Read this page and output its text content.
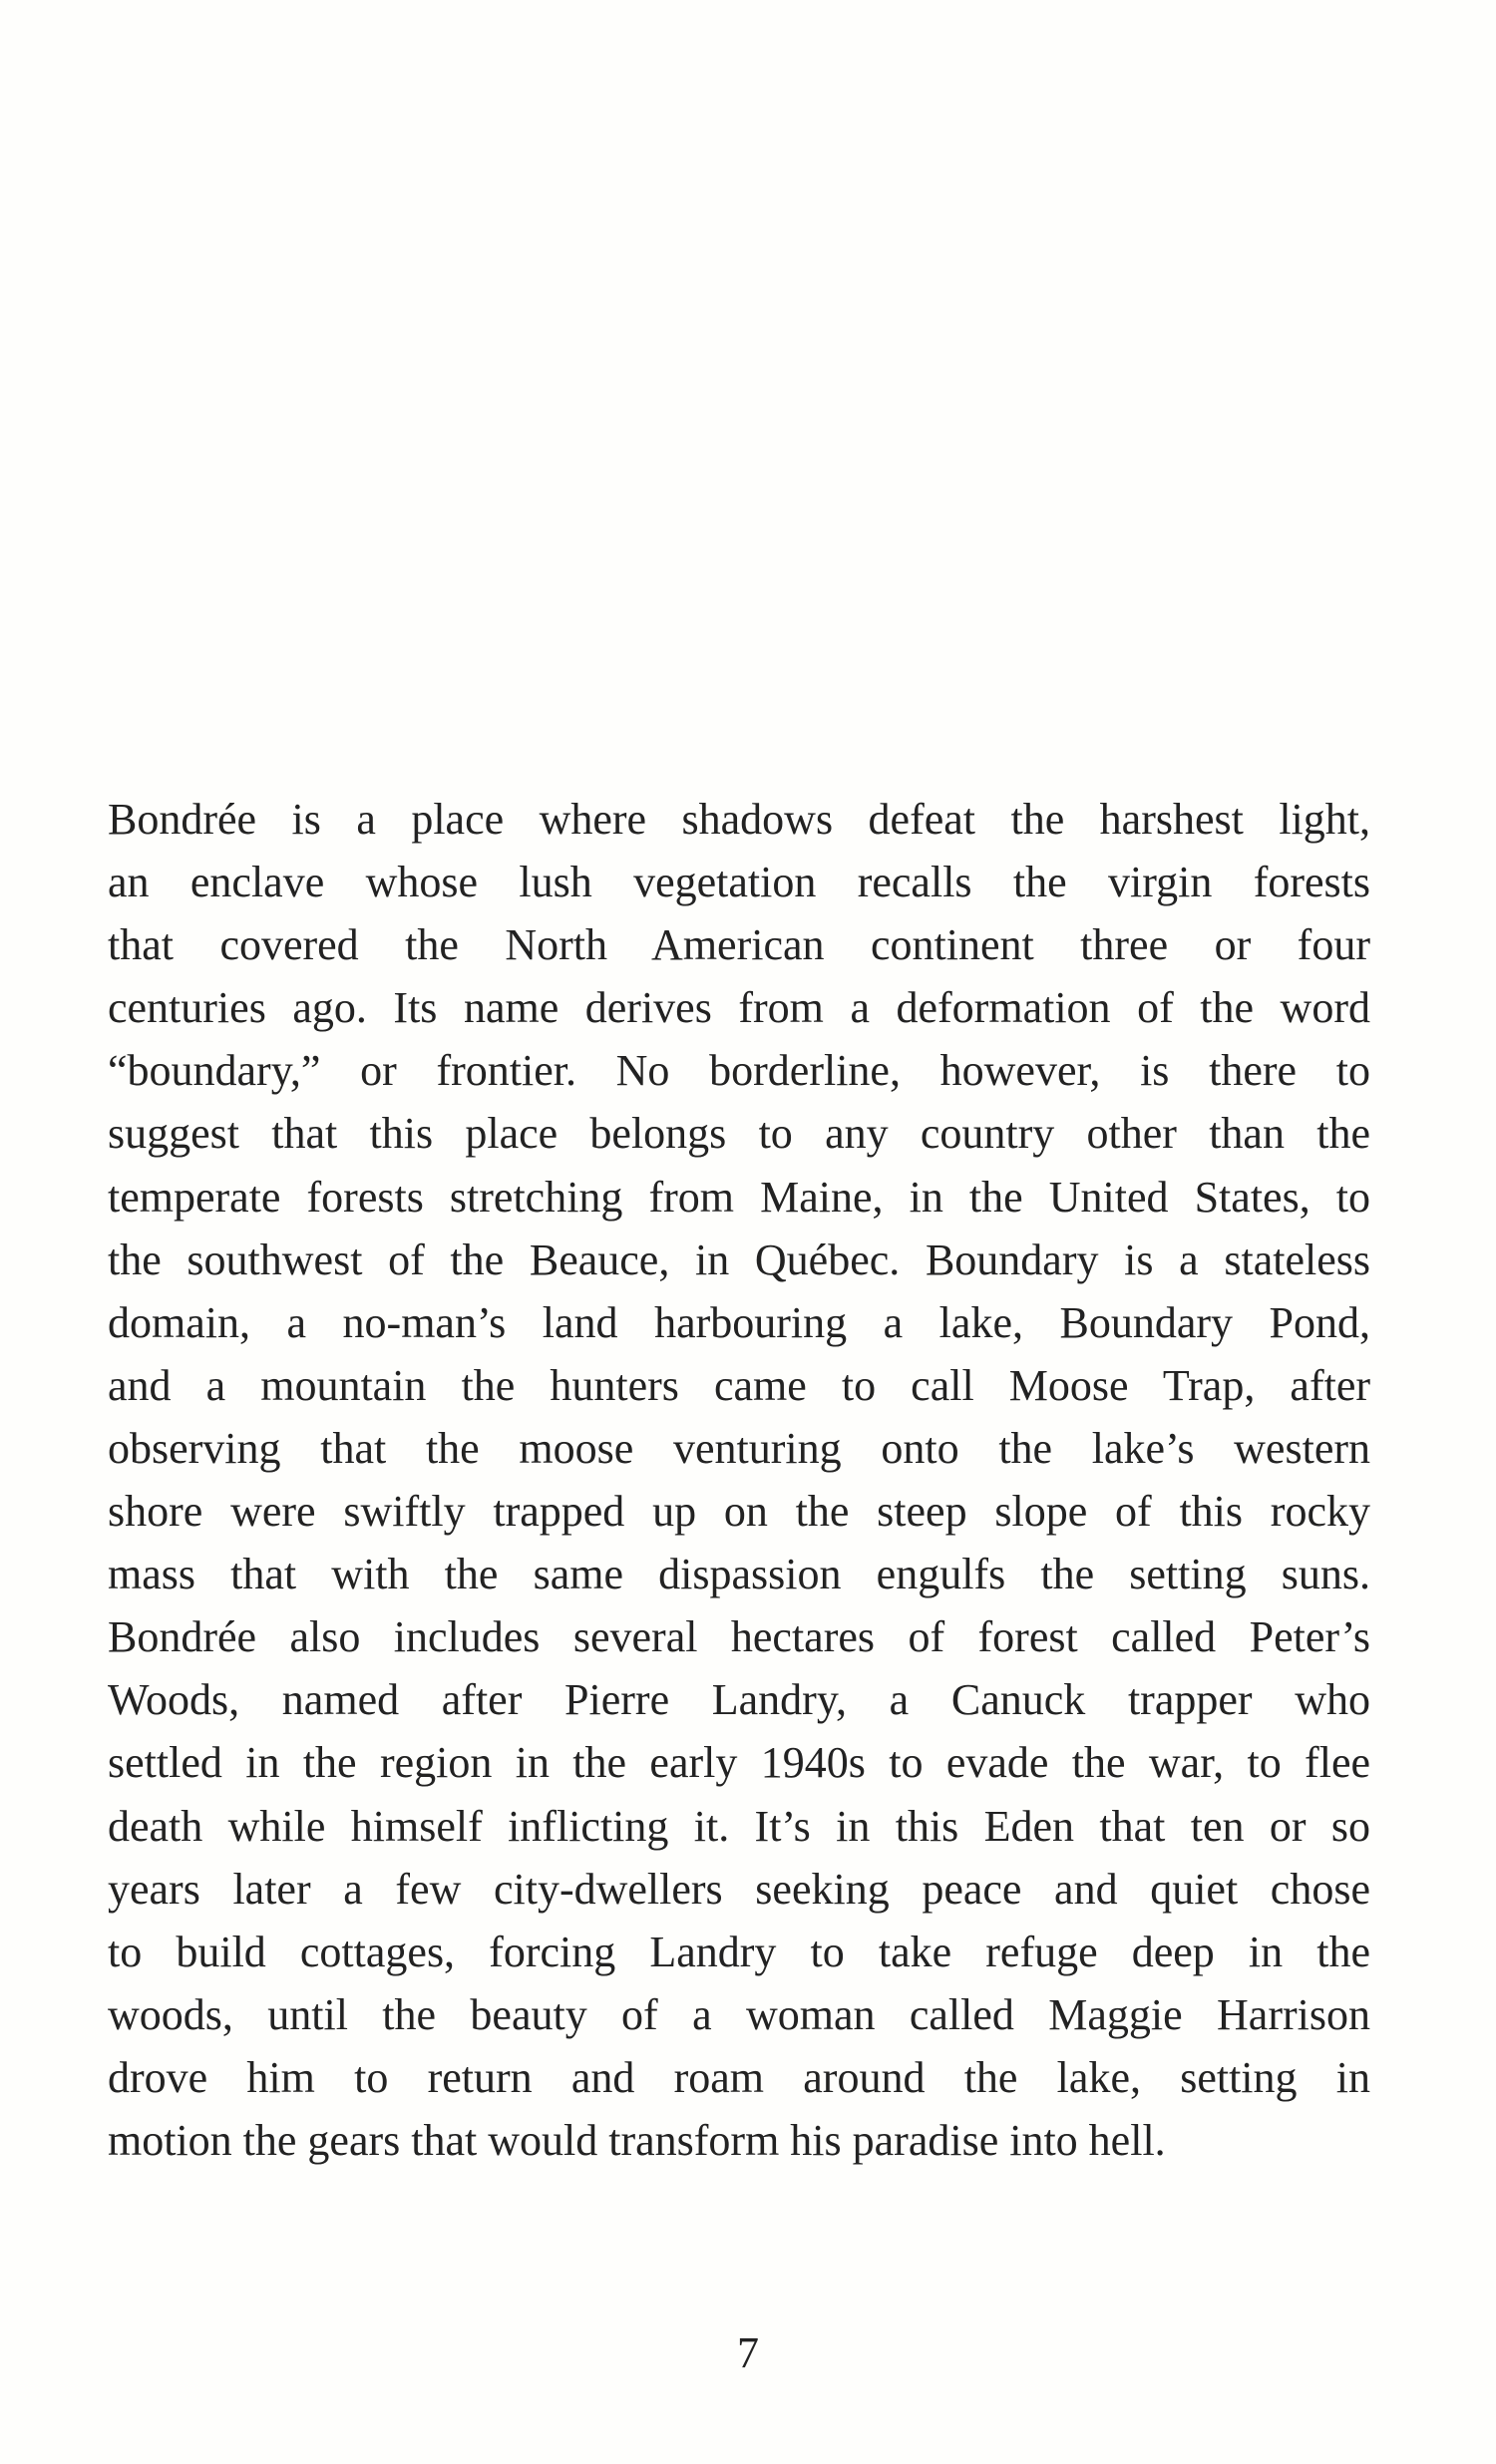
Bondrée is a place where shadows defeat the harshest light,
an enclave whose lush vegetation recalls the virgin forests
that covered the North American continent three or four
centuries ago. Its name derives from a deformation of the word
“boundary,” or frontier. No borderline, however, is there to
suggest that this place belongs to any country other than the
temperate forests stretching from Maine, in the United States, to
the southwest of the Beauce, in Québec. Boundary is a stateless
domain, a no-man’s land harbouring a lake, Boundary Pond,
and a mountain the hunters came to call Moose Trap, after
observing that the moose venturing onto the lake’s western
shore were swiftly trapped up on the steep slope of this rocky
mass that with the same dispassion engulfs the setting suns.
Bondrée also includes several hectares of forest called Peter’s
Woods, named after Pierre Landry, a Canuck trapper who
settled in the region in the early 1940s to evade the war, to flee
death while himself inflicting it. It’s in this Eden that ten or so
years later a few city-dwellers seeking peace and quiet chose
to build cottages, forcing Landry to take refuge deep in the
woods, until the beauty of a woman called Maggie Harrison
drove him to return and roam around the lake, setting in
motion the gears that would transform his paradise into hell.
7
